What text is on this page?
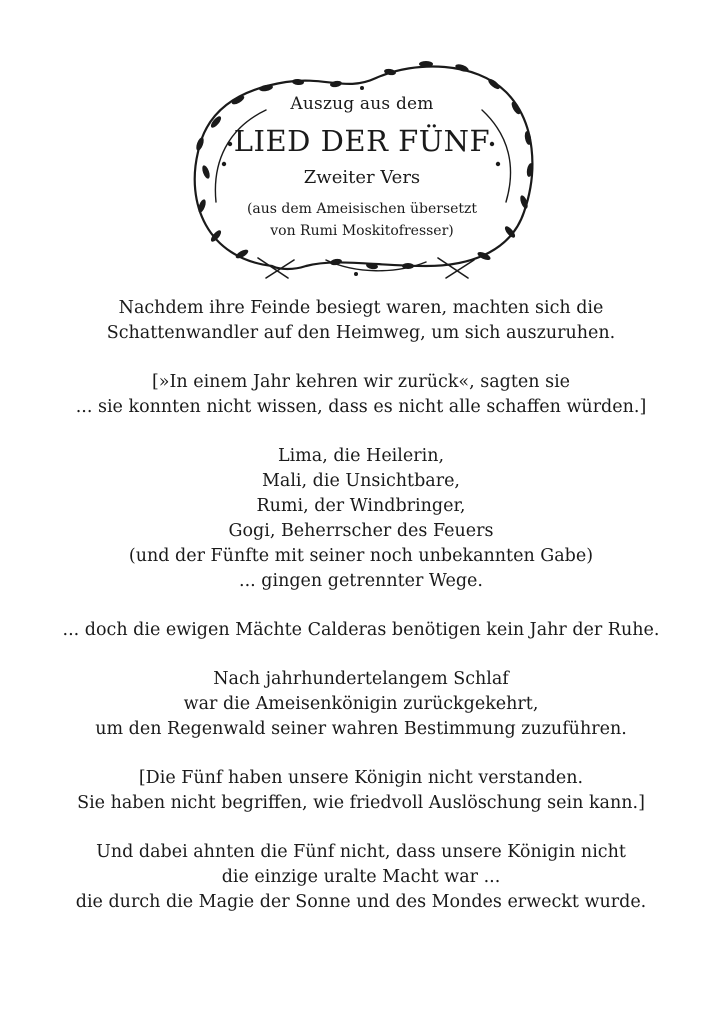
Auszug aus dem
LIED DER FÜNF
Zweiter Vers
(aus dem Ameisischen übersetzt
von Rumi Moskitofresser)
Nachdem ihre Feinde besiegt waren, machten sich die
Schattenwandler auf den Heimweg, um sich auszuruhen.
[»In einem Jahr kehren wir zurück«, sagten sie
... sie konnten nicht wissen, dass es nicht alle schaffen würden.]
Lima, die Heilerin,
Mali, die Unsichtbare,
Rumi, der Windbringer,
Gogi, Beherrscher des Feuers
(und der Fünfte mit seiner noch unbekannten Gabe)
... gingen getrennter Wege.
... doch die ewigen Mächte Calderas benötigen kein Jahr der Ruhe.
Nach jahrhundertelangem Schlaf
war die Ameisenkönigin zurückgekehrt,
um den Regenwald seiner wahren Bestimmung zuzuführen.
[Die Fünf haben unsere Königin nicht verstanden.
Sie haben nicht begriffen, wie friedvoll Auslöschung sein kann.]
Und dabei ahnten die Fünf nicht, dass unsere Königin nicht
die einzige uralte Macht war ...
die durch die Magie der Sonne und des Mondes erweckt wurde.
